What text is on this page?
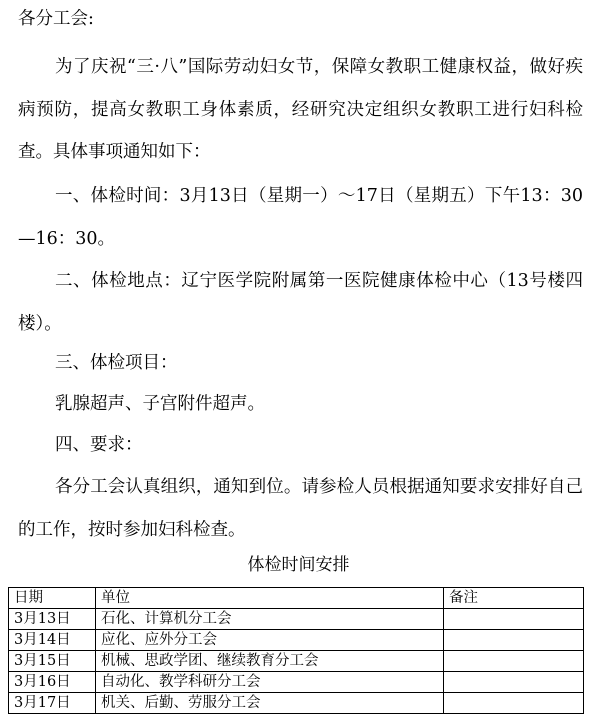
各分工会:

为了庆祝“三·八”国际劳动妇女节，保障女教职工健康权益，做好疾病预防，提高女教职工身体素质，经研究决定组织女教职工进行妇科检查。具体事项通知如下：

一、体检时间：3月13日（星期一）～17日（星期五）下午13：30—16：30。

二、体检地点：辽宁医学院附属第一医院健康体检中心（13号楼四楼）。

三、体检项目：

乳腺超声、子宫附件超声。

四、要求：

各分工会认真组织，通知到位。请参检人员根据通知要求安排好自己的工作，按时参加妇科检查。

体检时间安排
日期	单位	备注
3月13日	石化、计算机分工会	
3月14日	应化、应外分工会	
3月15日	机械、思政学团、继续教育分工会	
3月16日	自动化、教学科研分工会	
3月17日	机关、后勤、劳服分工会	
